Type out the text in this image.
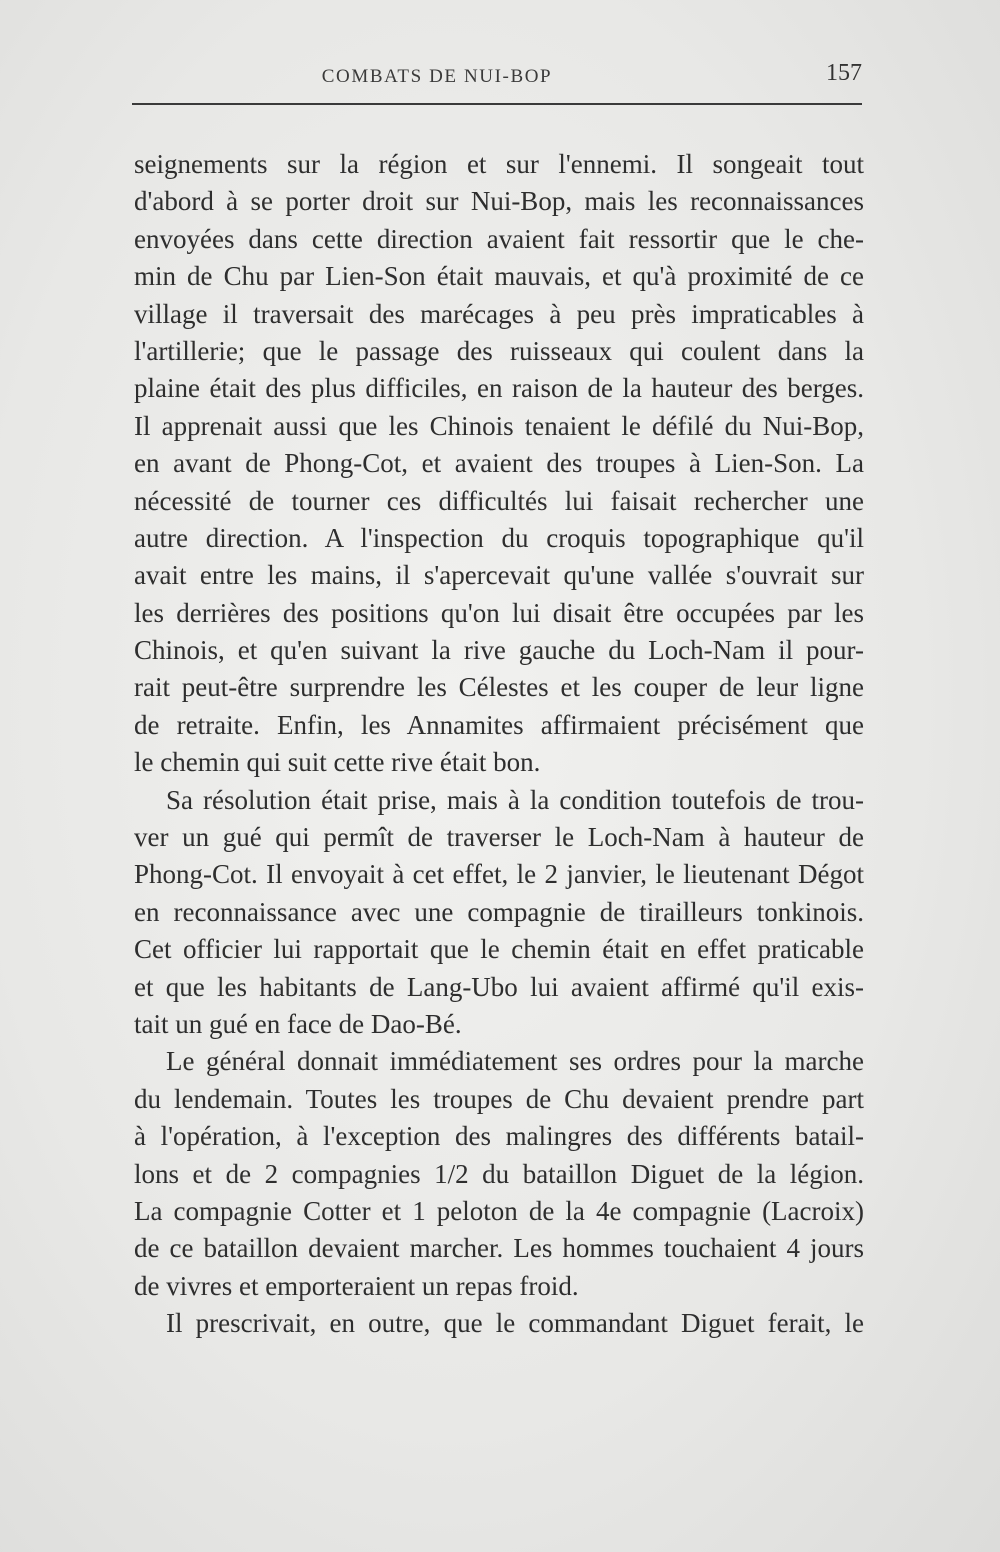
COMBATS DE NUI-BOP	157
seignements sur la région et sur l'ennemi. Il songeait tout
d'abord à se porter droit sur Nui-Bop, mais les reconnaissances
envoyées dans cette direction avaient fait ressortir que le che-
min de Chu par Lien-Son était mauvais, et qu'à proximité de ce
village il traversait des marécages à peu près impraticables à
l'artillerie; que le passage des ruisseaux qui coulent dans la
plaine était des plus difficiles, en raison de la hauteur des berges.
Il apprenait aussi que les Chinois tenaient le défilé du Nui-Bop,
en avant de Phong-Cot, et avaient des troupes à Lien-Son. La
nécessité de tourner ces difficultés lui faisait rechercher une
autre direction. A l'inspection du croquis topographique qu'il
avait entre les mains, il s'apercevait qu'une vallée s'ouvrait sur
les derrières des positions qu'on lui disait être occupées par les
Chinois, et qu'en suivant la rive gauche du Loch-Nam il pour-
rait peut-être surprendre les Célestes et les couper de leur ligne
de retraite. Enfin, les Annamites affirmaient précisément que
le chemin qui suit cette rive était bon.
Sa résolution était prise, mais à la condition toutefois de trou-
ver un gué qui permît de traverser le Loch-Nam à hauteur de
Phong-Cot. Il envoyait à cet effet, le 2 janvier, le lieutenant Dégot
en reconnaissance avec une compagnie de tirailleurs tonkinois.
Cet officier lui rapportait que le chemin était en effet praticable
et que les habitants de Lang-Ubo lui avaient affirmé qu'il exis-
tait un gué en face de Dao-Bé.
Le général donnait immédiatement ses ordres pour la marche
du lendemain. Toutes les troupes de Chu devaient prendre part
à l'opération, à l'exception des malingres des différents batail-
lons et de 2 compagnies 1/2 du bataillon Diguet de la légion.
La compagnie Cotter et 1 peloton de la 4e compagnie (Lacroix)
de ce bataillon devaient marcher. Les hommes touchaient 4 jours
de vivres et emporteraient un repas froid.
Il prescrivait, en outre, que le commandant Diguet ferait, le
